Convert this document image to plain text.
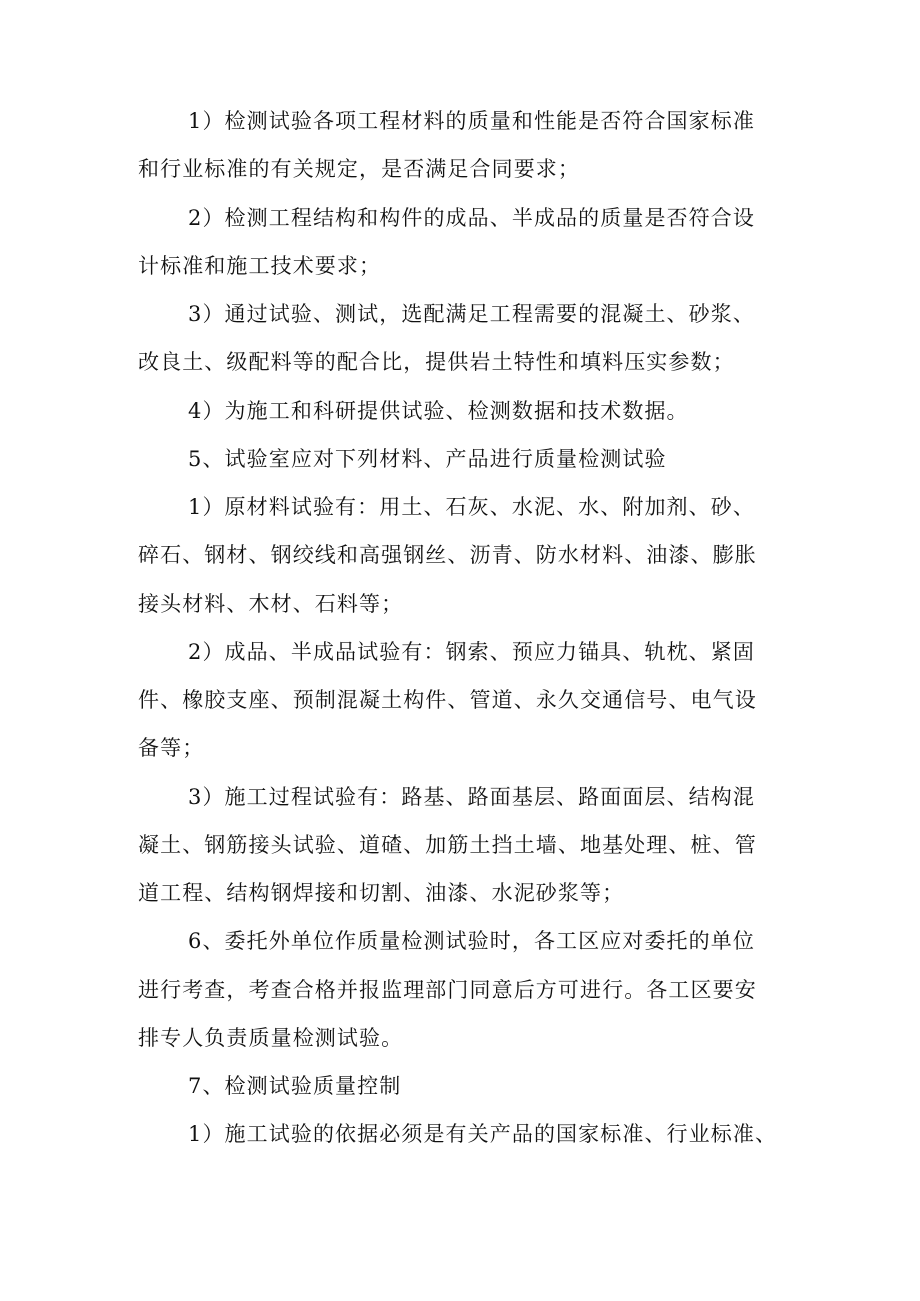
1）检测试验各项工程材料的质量和性能是否符合国家标准
和行业标准的有关规定，是否满足合同要求；
2）检测工程结构和构件的成品、半成品的质量是否符合设
计标准和施工技术要求；
3）通过试验、测试，选配满足工程需要的混凝土、砂浆、
改良土、级配料等的配合比，提供岩土特性和填料压实参数；
4）为施工和科研提供试验、检测数据和技术数据。
5、试验室应对下列材料、产品进行质量检测试验
1）原材料试验有：用土、石灰、水泥、水、附加剂、砂、
碎石、钢材、钢绞线和高强钢丝、沥青、防水材料、油漆、膨胀
接头材料、木材、石料等；
2）成品、半成品试验有：钢索、预应力锚具、轨枕、紧固
件、橡胶支座、预制混凝土构件、管道、永久交通信号、电气设
备等；
3）施工过程试验有：路基、路面基层、路面面层、结构混
凝土、钢筋接头试验、道碴、加筋土挡土墙、地基处理、桩、管
道工程、结构钢焊接和切割、油漆、水泥砂浆等；
6、委托外单位作质量检测试验时，各工区应对委托的单位
进行考查，考查合格并报监理部门同意后方可进行。各工区要安
排专人负责质量检测试验。
7、检测试验质量控制
1）施工试验的依据必须是有关产品的国家标准、行业标准、
